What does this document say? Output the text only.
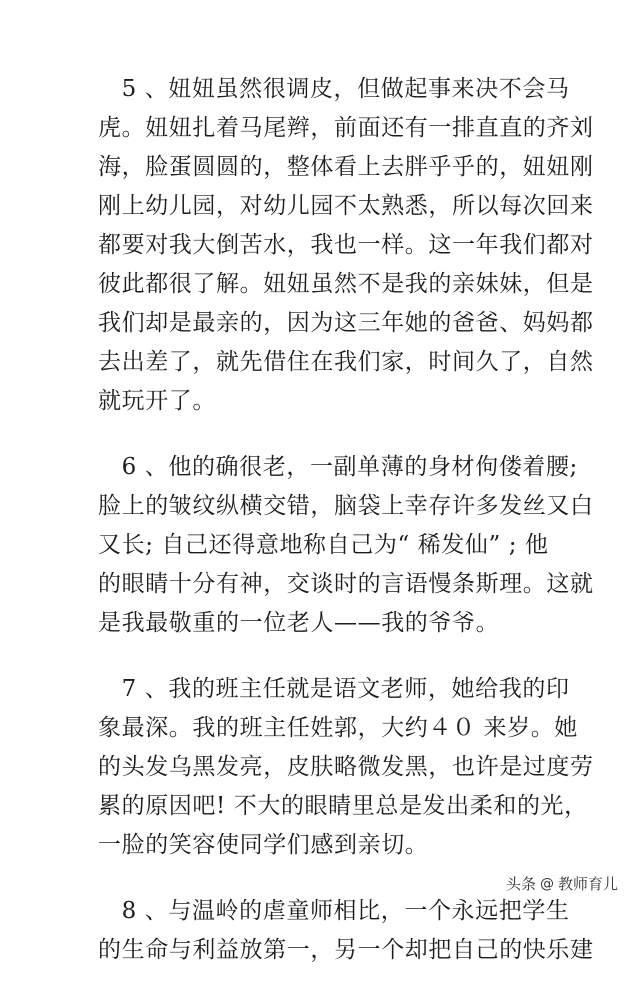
　5 、妞妞虽然很调皮，但做起事来决不会马
虎。妞妞扎着马尾辫，前面还有一排直直的齐刘
海，脸蛋圆圆的，整体看上去胖乎乎的，妞妞刚
刚上幼儿园，对幼儿园不太熟悉，所以每次回来
都要对我大倒苦水，我也一样。这一年我们都对
彼此都很了解。妞妞虽然不是我的亲妹妹，但是
我们却是最亲的，因为这三年她的爸爸、妈妈都
去出差了，就先借住在我们家，时间久了，自然
就玩开了。
　6 、他的确很老，一副单薄的身材佝偻着腰;
脸上的皱纹纵横交错，脑袋上幸存许多发丝又白
又长; 自己还得意地称自己为“ 稀发仙” ; 他
的眼睛十分有神，交谈时的言语慢条斯理。这就
是我最敬重的一位老人——我的爷爷。
　7 、我的班主任就是语文老师，她给我的印
象最深。我的班主任姓郭，大约４０ 来岁。她
的头发乌黑发亮，皮肤略微发黑，也许是过度劳
累的原因吧! 不大的眼睛里总是发出柔和的光，
一脸的笑容使同学们感到亲切。
　8 、与温岭的虐童师相比，一个永远把学生
的生命与利益放第一，另一个却把自己的快乐建
头条 @ 教师育儿
